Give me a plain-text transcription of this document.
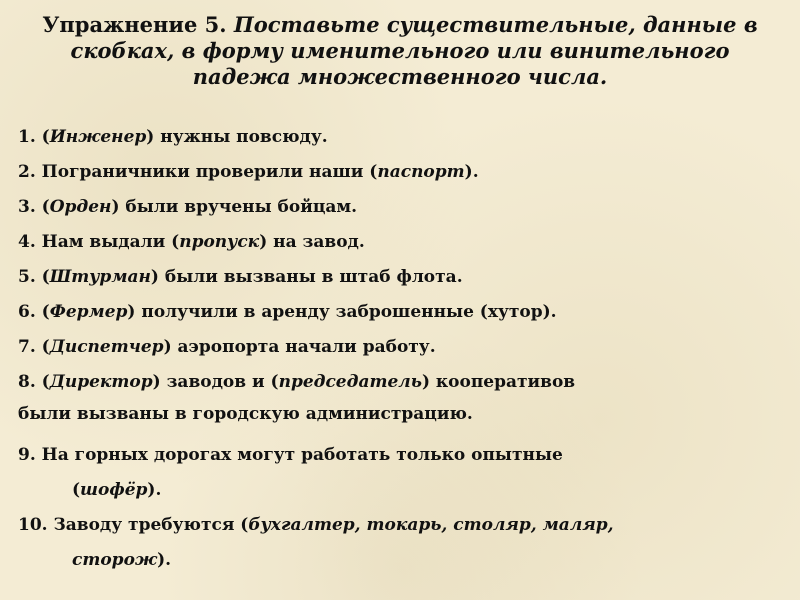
Упражнение 5. Поставьте существительные, данные в скобках, в форму именительного или винительного падежа множественного числа.
1. (Инженер) нужны повсюду.
2. Пограничники проверили наши (паспорт).
3. (Орден) были вручены бойцам.
4. Нам выдали (пропуск) на завод.
5. (Штурман) были вызваны в штаб флота.
6. (Фермер) получили в аренду заброшенные (хутор).
7. (Диспетчер) аэропорта начали работу.
8. (Директор) заводов и (председатель) кооперативов
были вызваны в городскую администрацию.
9. На горных дорогах могут работать только опытные
(шофёр).
10. Заводу требуются (бухгалтер, токарь, столяр, маляр,
сторож).
